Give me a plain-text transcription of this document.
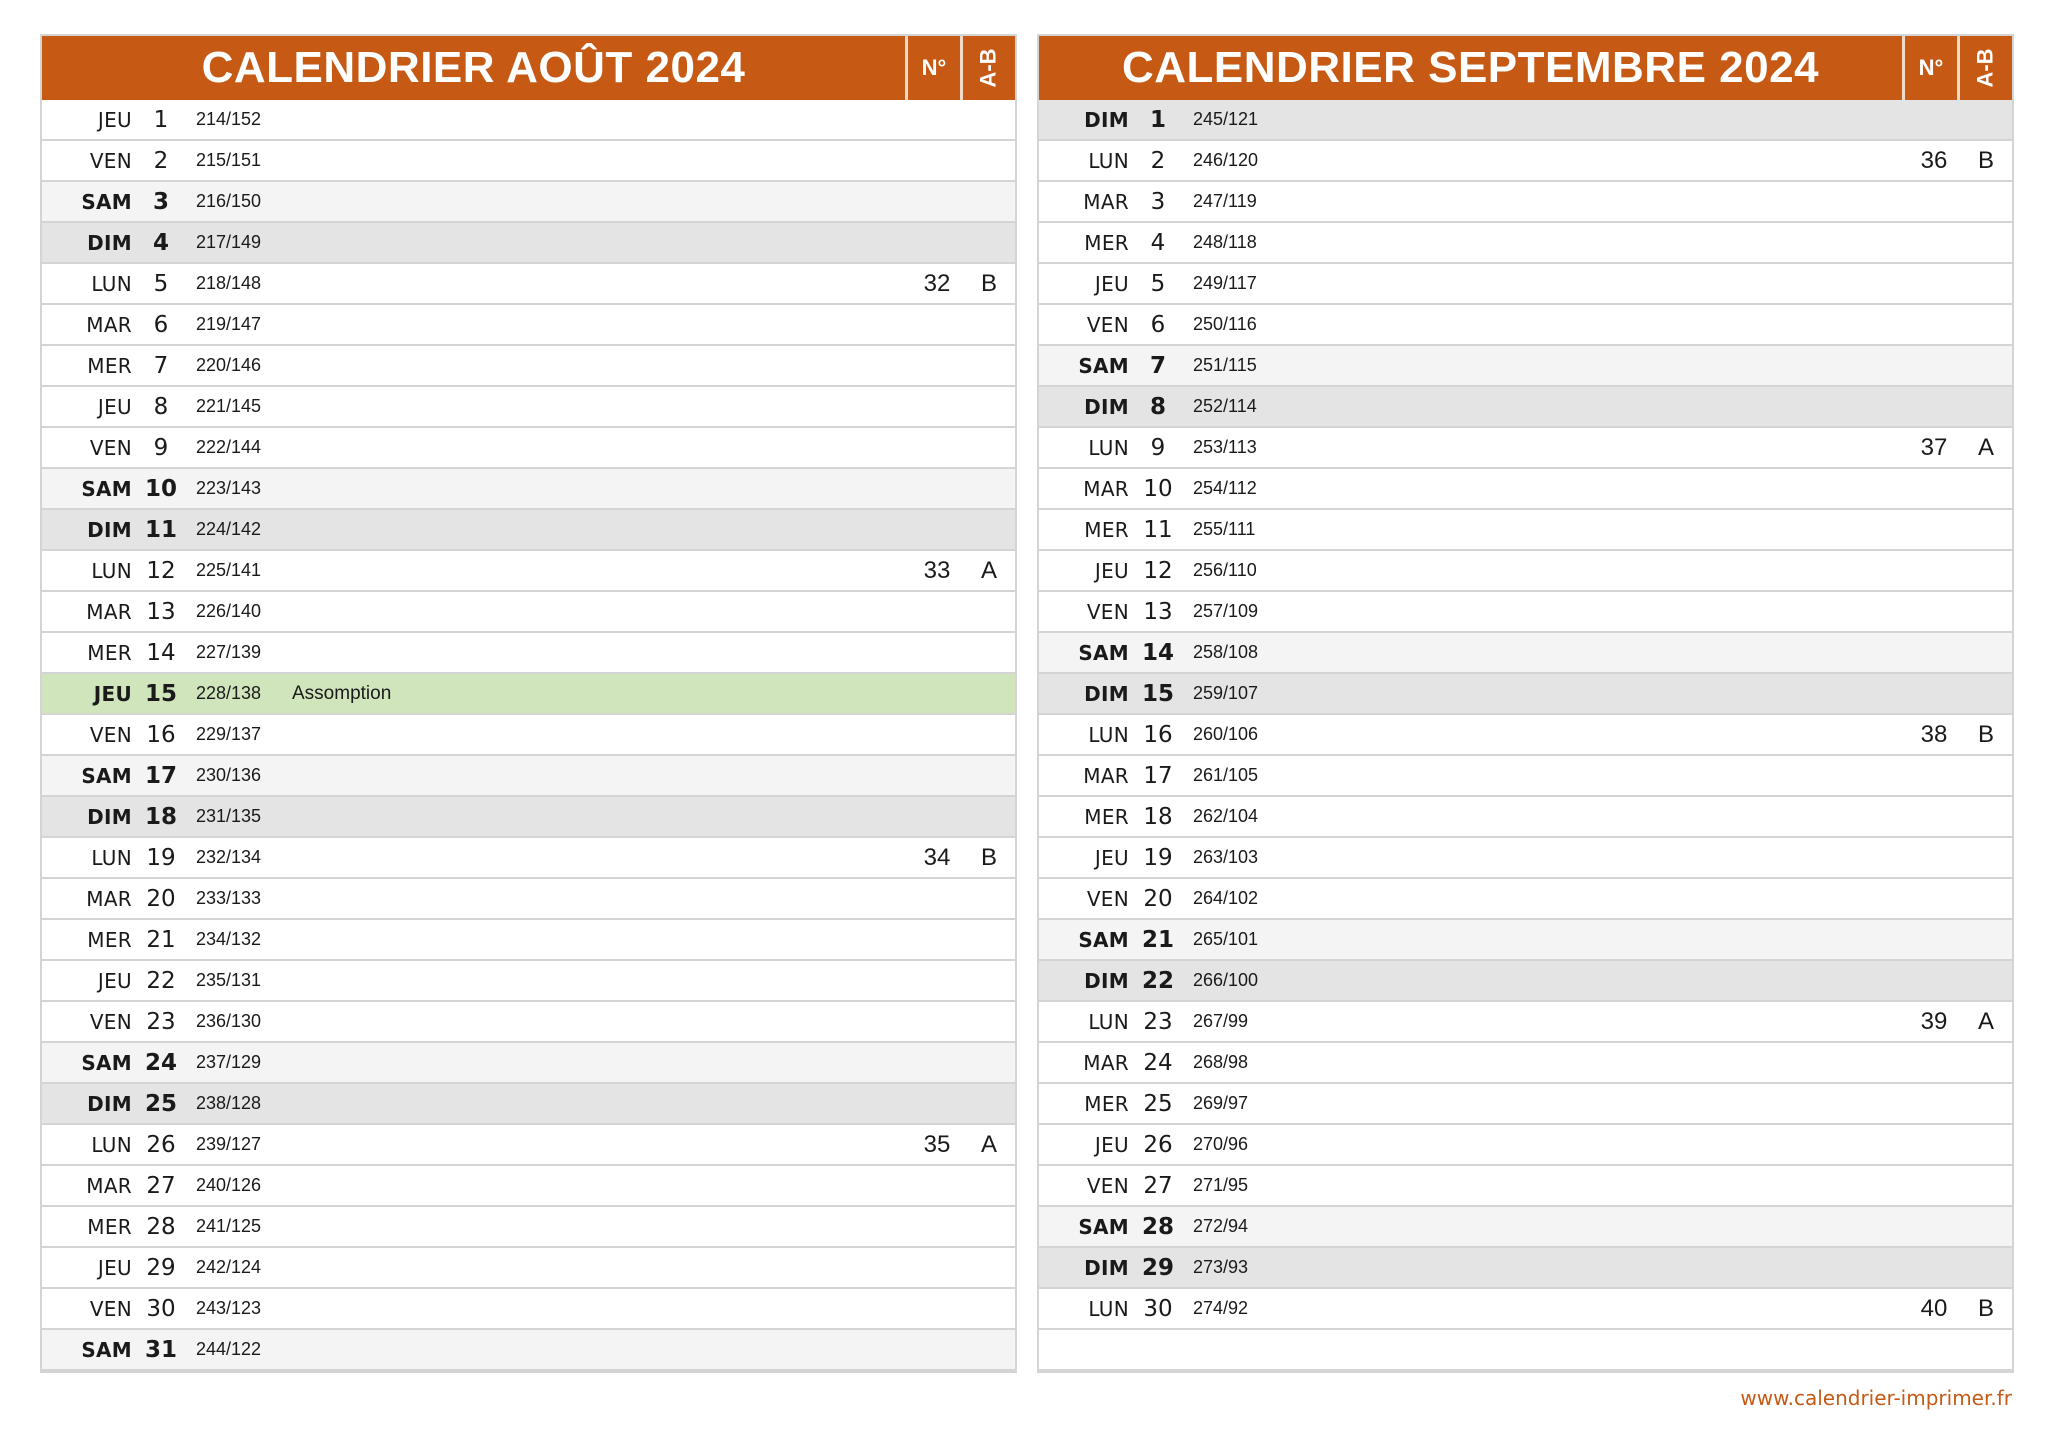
CALENDRIER AOÛT 2024	N°	A-B
JEU 1	214/152
VEN 2	215/151
SAM 3	216/150
DIM 4	217/149
LUN 5	218/148	32	B
MAR 6	219/147
MER 7	220/146
JEU 8	221/145
VEN 9	222/144
SAM 10	223/143
DIM 11	224/142
LUN 12	225/141	33	A
MAR 13	226/140
MER 14	227/139
JEU 15	228/138	Assomption
VEN 16	229/137
SAM 17	230/136
DIM 18	231/135
LUN 19	232/134	34	B
MAR 20	233/133
MER 21	234/132
JEU 22	235/131
VEN 23	236/130
SAM 24	237/129
DIM 25	238/128
LUN 26	239/127	35	A
MAR 27	240/126
MER 28	241/125
JEU 29	242/124
VEN 30	243/123
SAM 31	244/122
CALENDRIER SEPTEMBRE 2024	N°	A-B
DIM 1	245/121
LUN 2	246/120	36	B
MAR 3	247/119
MER 4	248/118
JEU 5	249/117
VEN 6	250/116
SAM 7	251/115
DIM 8	252/114
LUN 9	253/113	37	A
MAR 10	254/112
MER 11	255/111
JEU 12	256/110
VEN 13	257/109
SAM 14	258/108
DIM 15	259/107
LUN 16	260/106	38	B
MAR 17	261/105
MER 18	262/104
JEU 19	263/103
VEN 20	264/102
SAM 21	265/101
DIM 22	266/100
LUN 23	267/99	39	A
MAR 24	268/98
MER 25	269/97
JEU 26	270/96
VEN 27	271/95
SAM 28	272/94
DIM 29	273/93
LUN 30	274/92	40	B
www.calendrier-imprimer.fr
